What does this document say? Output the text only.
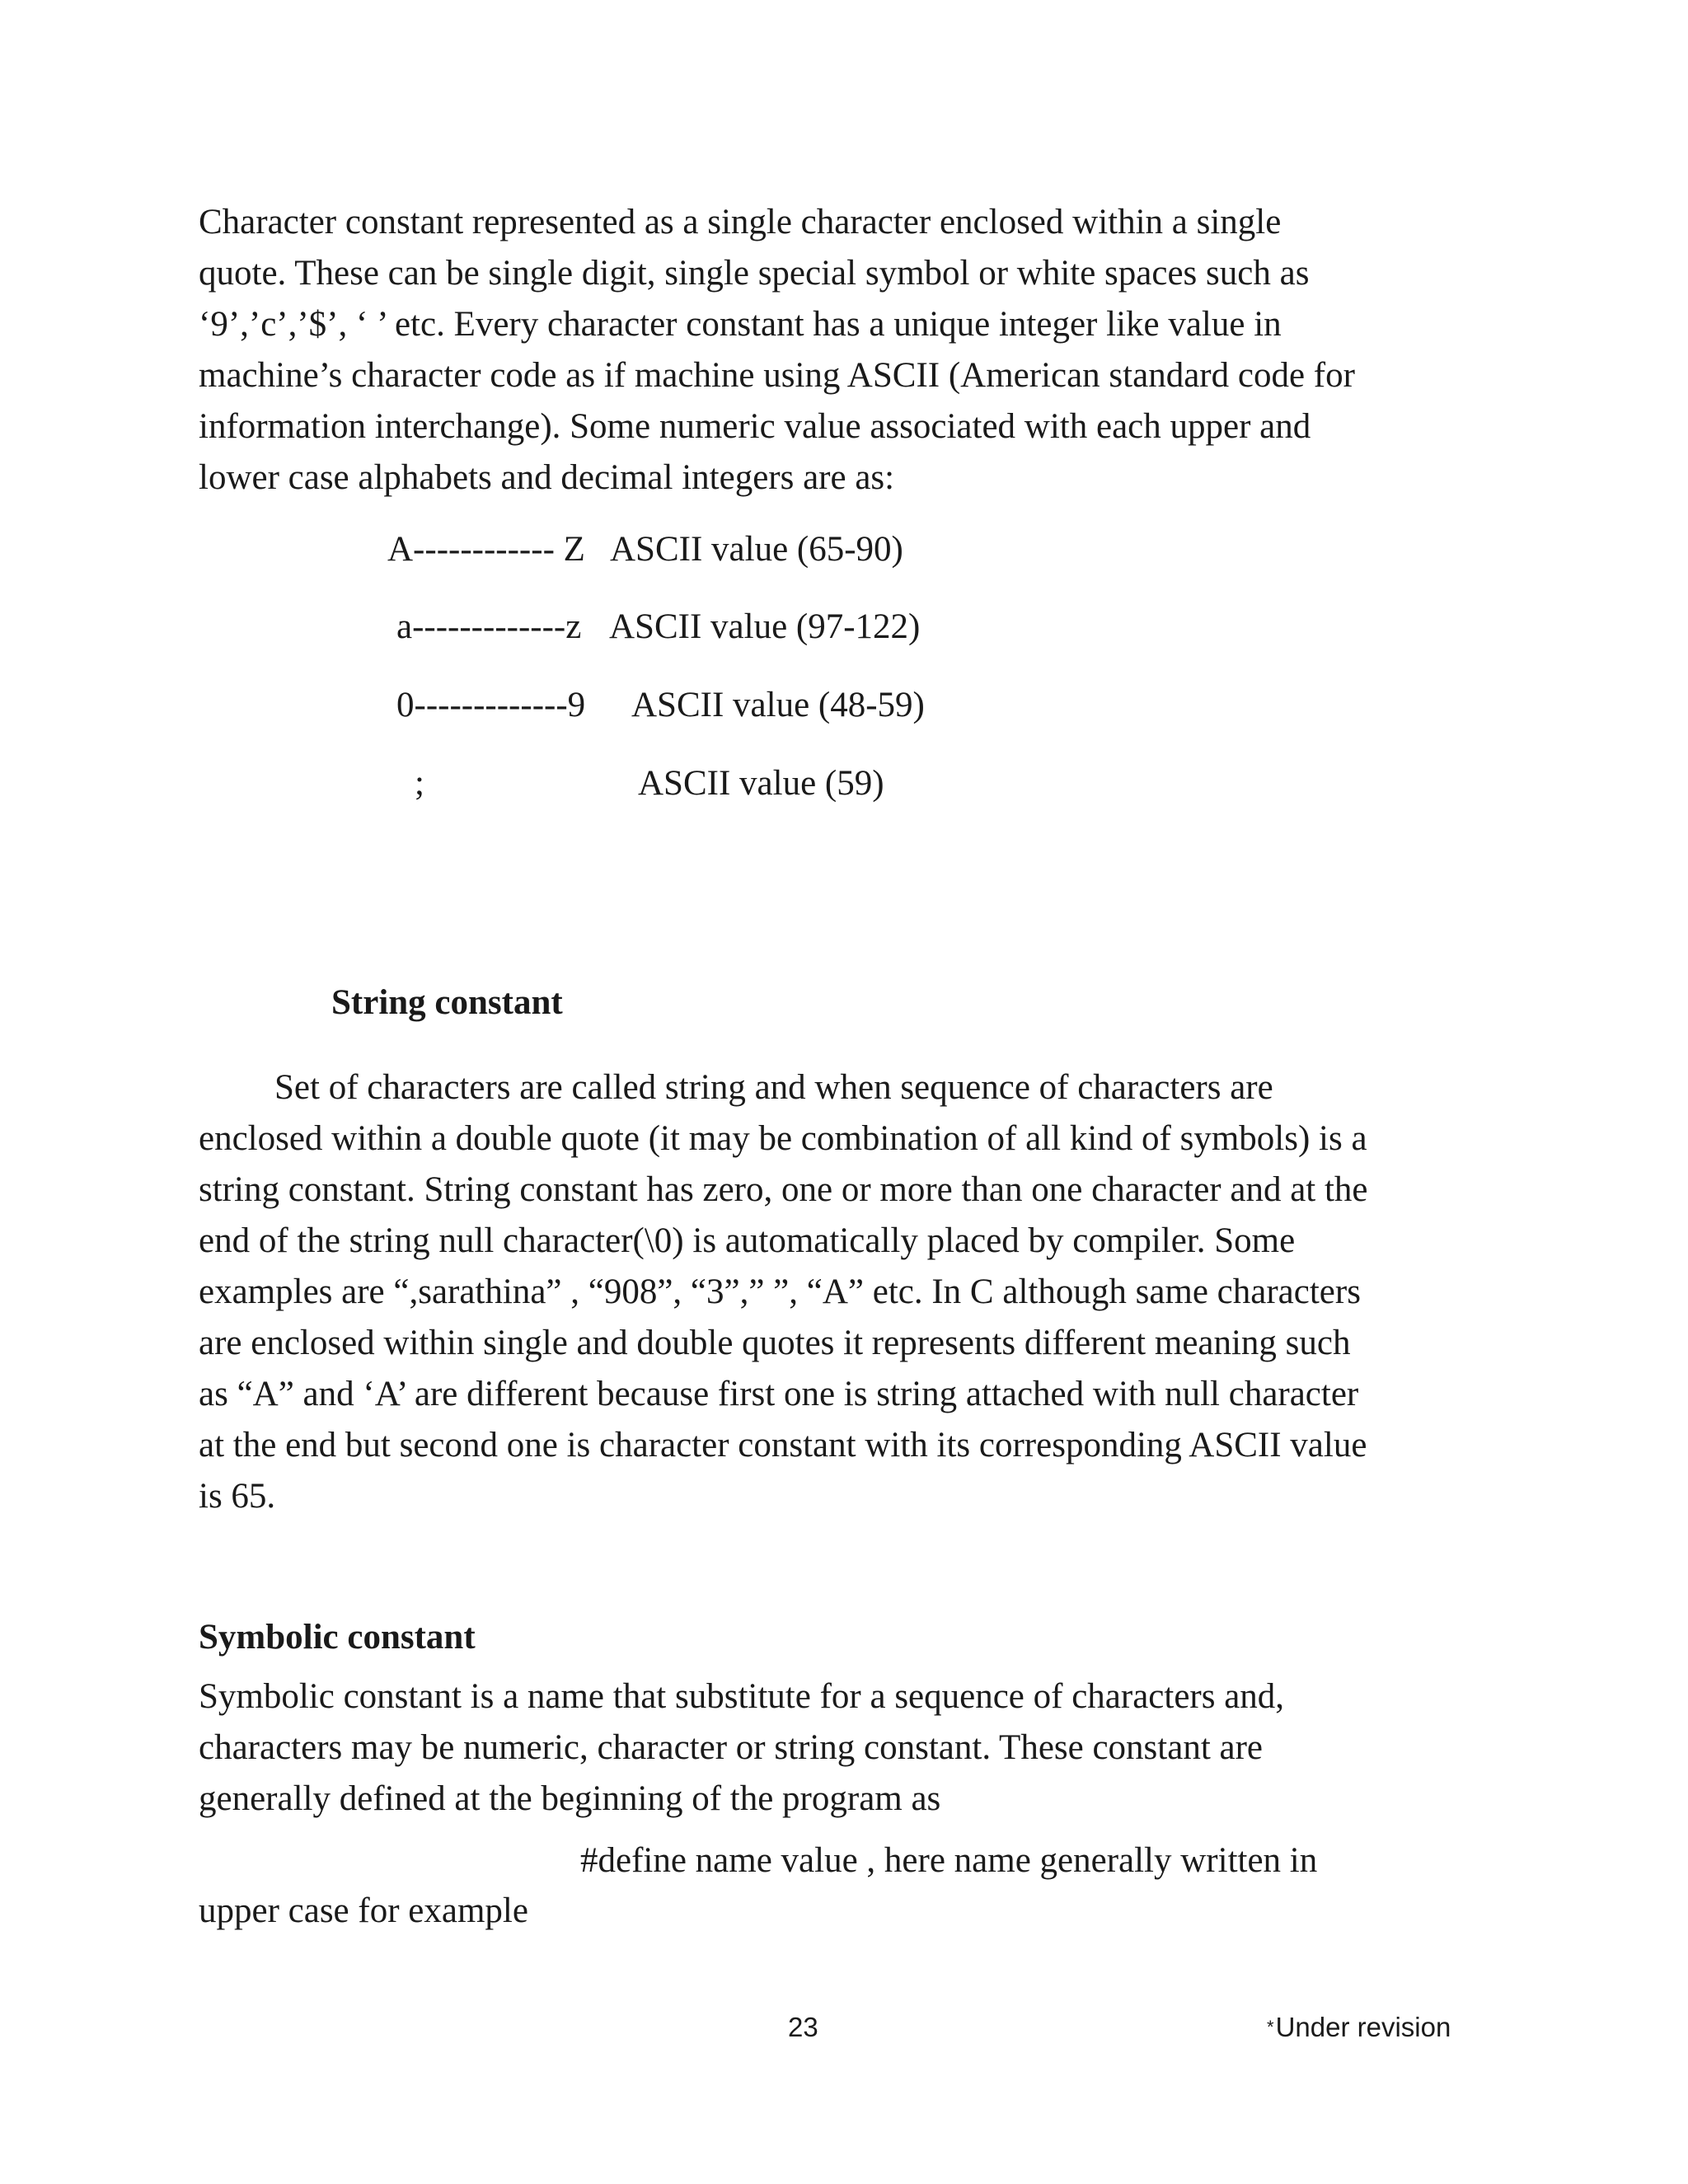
Character constant represented as a single character enclosed within a single
quote. These can be single digit, single special symbol or white spaces such as
‘9’,’c’,’$’, ‘ ’ etc. Every character constant has a unique integer like value in
machine’s character code as if machine using ASCII (American standard code for
information interchange). Some numeric value associated with each upper and
lower case alphabets and decimal integers are as:
A------------ Z ASCII value (65-90)
a-------------z ASCII value (97-122)
0-------------9 ASCII value (48-59)
;	ASCII value (59)
String constant
Set of characters are called string and when sequence of characters are
enclosed within a double quote (it may be combination of all kind of symbols) is a
string constant. String constant has zero, one or more than one character and at the
end of the string null character(\0) is automatically placed by compiler. Some
examples are “,sarathina” , “908”, “3”,” ”, “A” etc. In C although same characters
are enclosed within single and double quotes it represents different meaning such
as “A” and ‘A’ are different because first one is string attached with null character
at the end but second one is character constant with its corresponding ASCII value
is 65.
Symbolic constant
Symbolic constant is a name that substitute for a sequence of characters and,
characters may be numeric, character or string constant. These constant are
generally defined at the beginning of the program as
#define name value , here name generally written in
upper case for example
23	*Under revision
